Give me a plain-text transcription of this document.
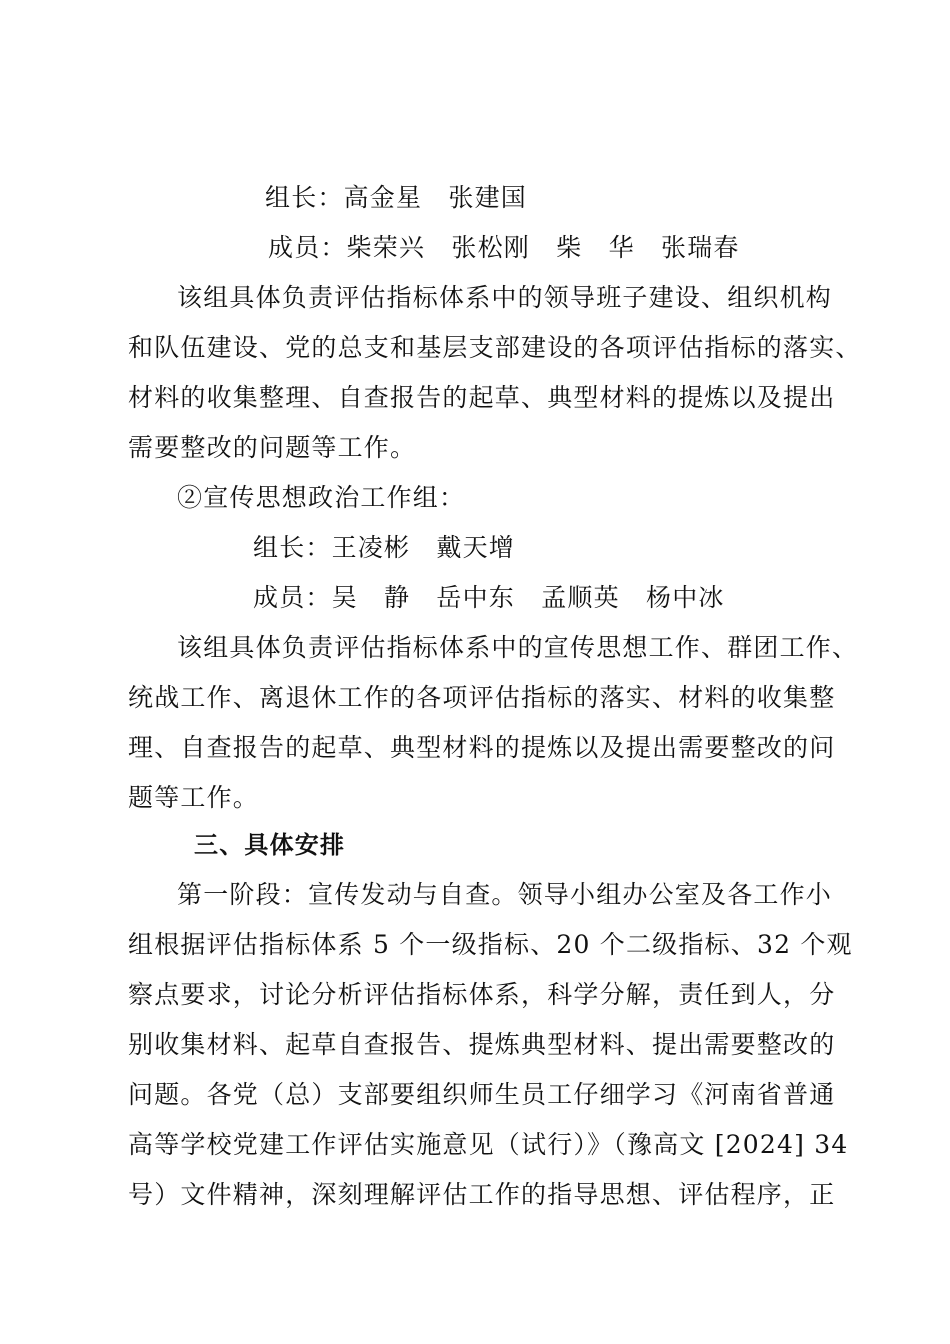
组长：高金星　张建国
成员：柴荣兴　张松刚　柴　华　张瑞春
该组具体负责评估指标体系中的领导班子建设、组织机构
和队伍建设、党的总支和基层支部建设的各项评估指标的落实、
材料的收集整理、自查报告的起草、典型材料的提炼以及提出
需要整改的问题等工作。
②宣传思想政治工作组：
组长：王凌彬　戴天增
成员：吴　静　岳中东　孟顺英　杨中冰
该组具体负责评估指标体系中的宣传思想工作、群团工作、
统战工作、离退休工作的各项评估指标的落实、材料的收集整
理、自查报告的起草、典型材料的提炼以及提出需要整改的问
题等工作。
三、具体安排
第一阶段：宣传发动与自查。领导小组办公室及各工作小
组根据评估指标体系 5 个一级指标、20 个二级指标、32 个观
察点要求，讨论分析评估指标体系，科学分解，责任到人，分
别收集材料、起草自查报告、提炼典型材料、提出需要整改的
问题。各党（总）支部要组织师生员工仔细学习《河南省普通
高等学校党建工作评估实施意见（试行）》（豫高文 [2024] 34
号）文件精神，深刻理解评估工作的指导思想、评估程序，正
